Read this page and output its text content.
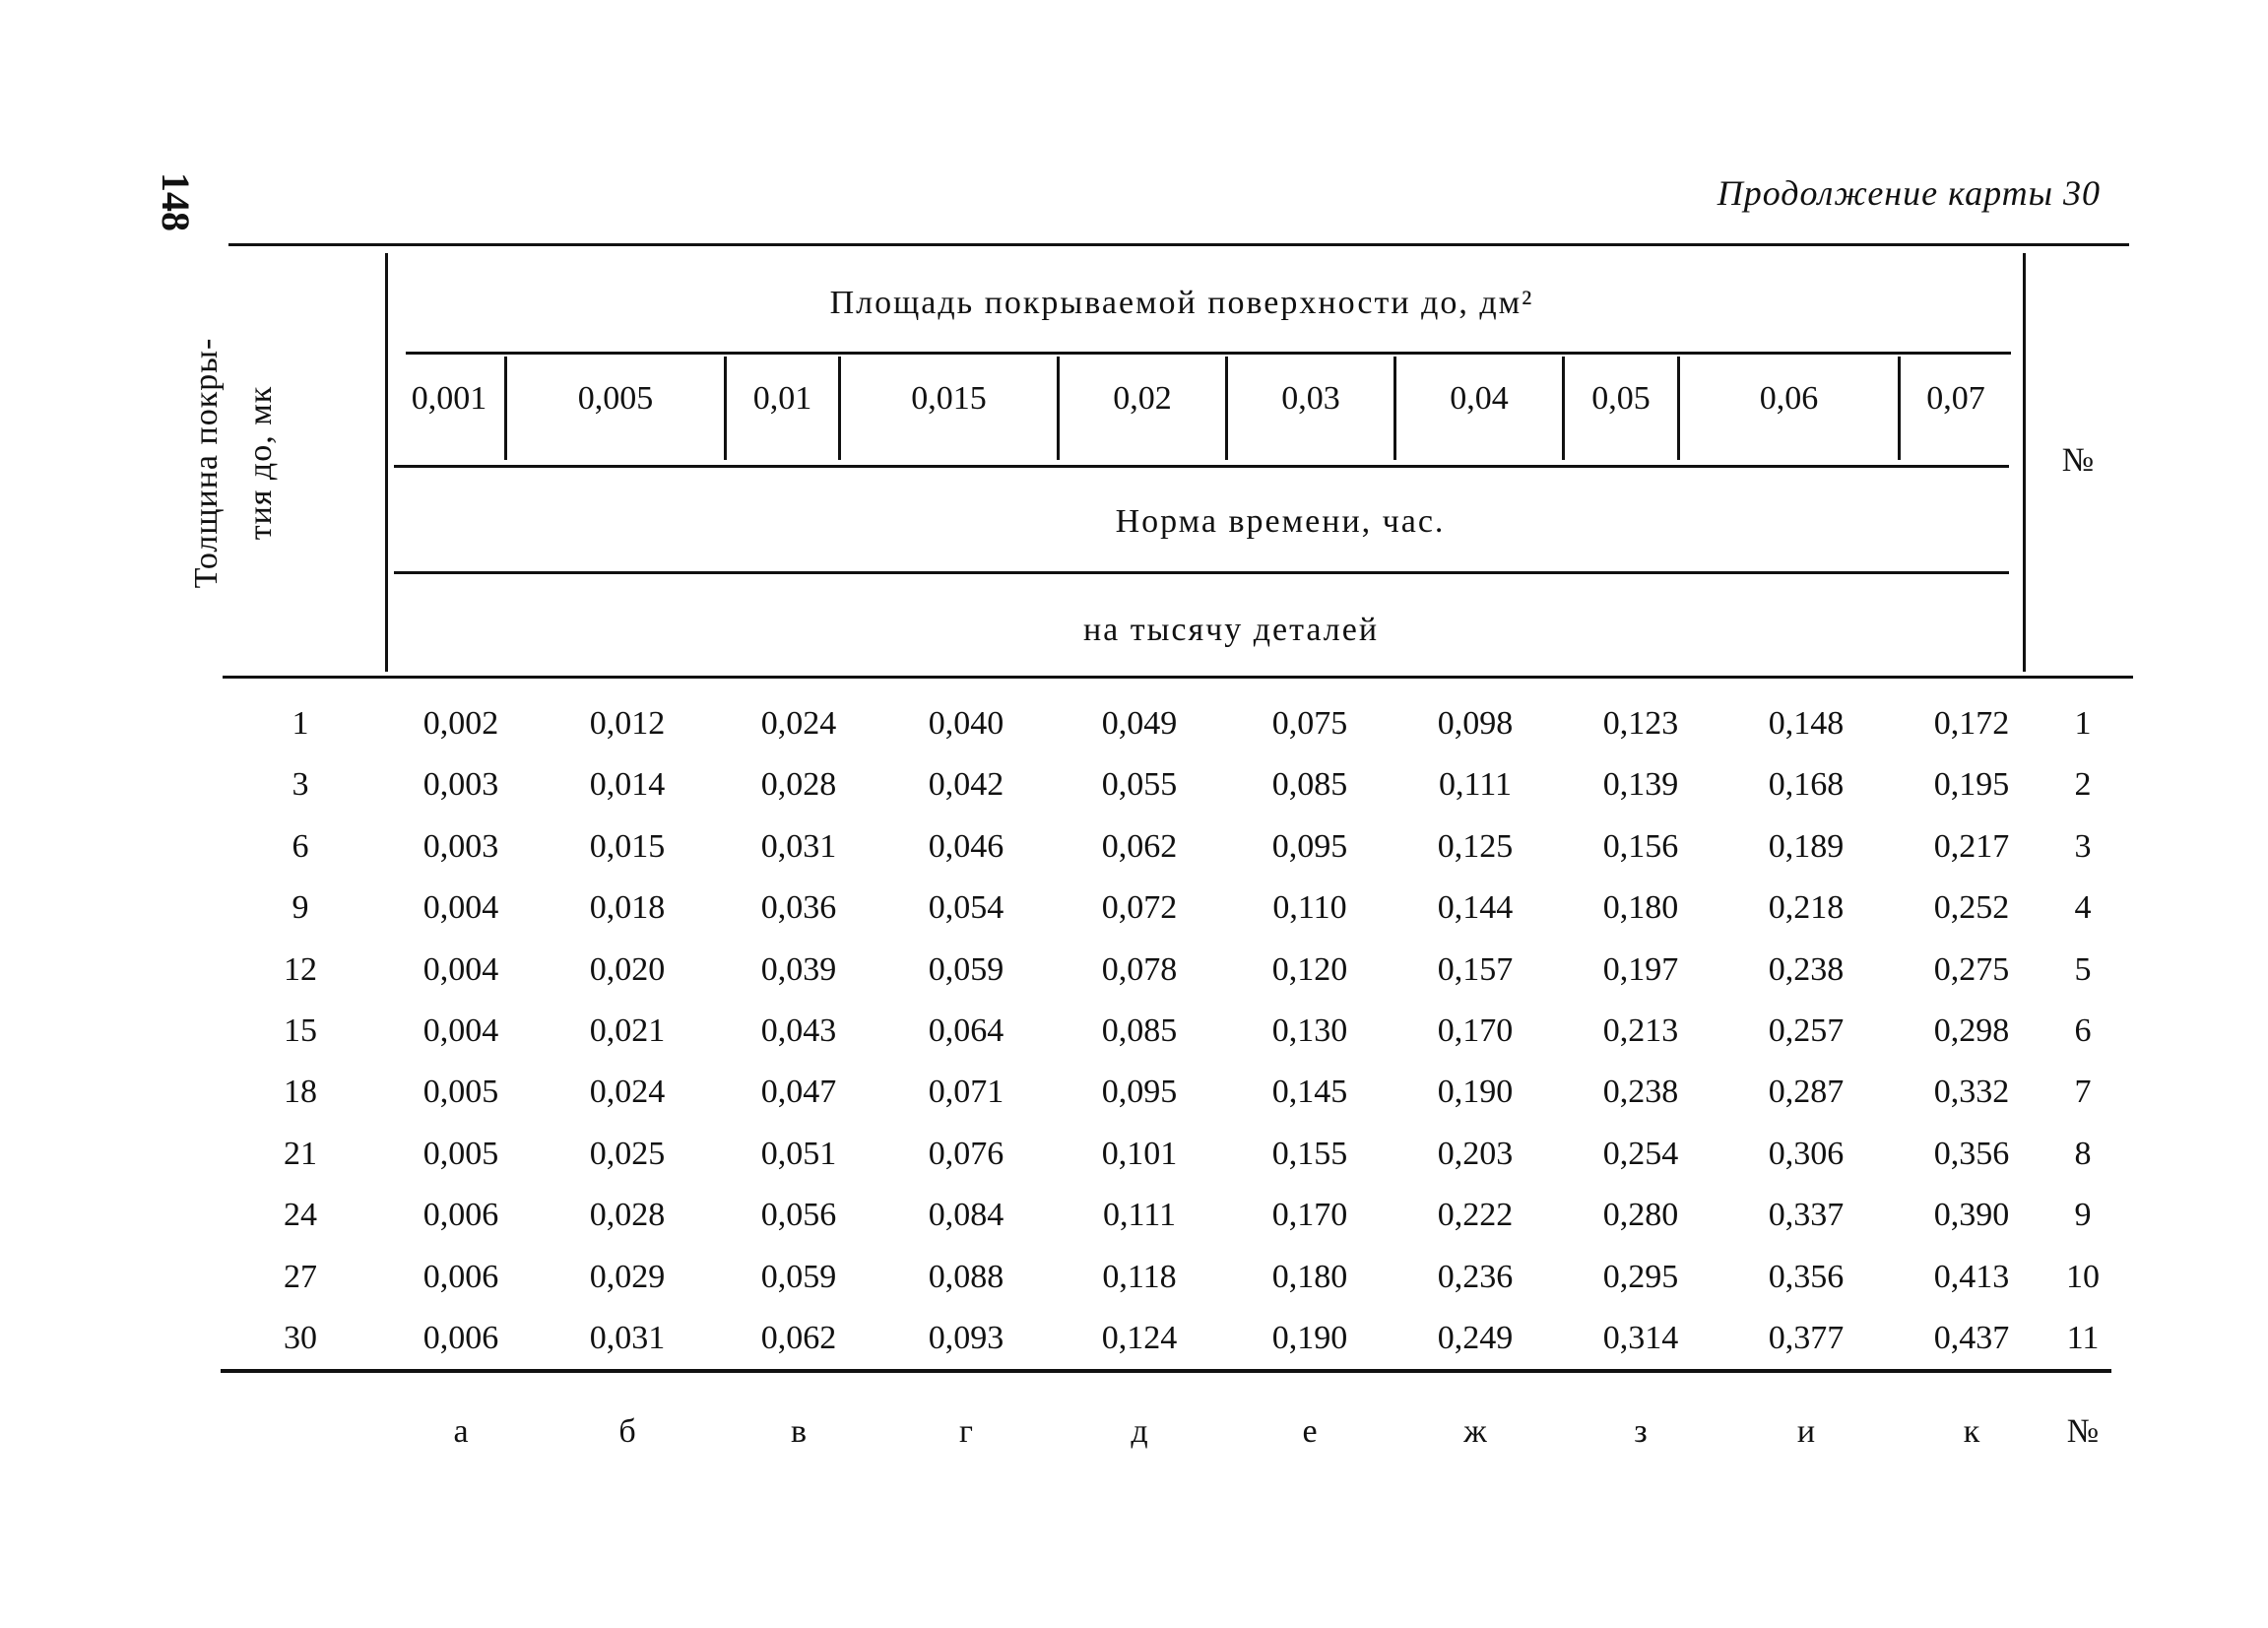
148	Продолжение карты 30
Толщина покры- тия до, мк
Площадь покрываемой поверхности до, дм²
0,001	0,005	0,01	0,015	0,02	0,03	0,04	0,05	0,06	0,07
Норма времени, час.
на тысячу деталей
№
1	0,002	0,012	0,024	0,040	0,049	0,075	0,098	0,123	0,148	0,172	1
3	0,003	0,014	0,028	0,042	0,055	0,085	0,111	0,139	0,168	0,195	2
6	0,003	0,015	0,031	0,046	0,062	0,095	0,125	0,156	0,189	0,217	3
9	0,004	0,018	0,036	0,054	0,072	0,110	0,144	0,180	0,218	0,252	4
12	0,004	0,020	0,039	0,059	0,078	0,120	0,157	0,197	0,238	0,275	5
15	0,004	0,021	0,043	0,064	0,085	0,130	0,170	0,213	0,257	0,298	6
18	0,005	0,024	0,047	0,071	0,095	0,145	0,190	0,238	0,287	0,332	7
21	0,005	0,025	0,051	0,076	0,101	0,155	0,203	0,254	0,306	0,356	8
24	0,006	0,028	0,056	0,084	0,111	0,170	0,222	0,280	0,337	0,390	9
27	0,006	0,029	0,059	0,088	0,118	0,180	0,236	0,295	0,356	0,413	10
30	0,006	0,031	0,062	0,093	0,124	0,190	0,249	0,314	0,377	0,437	11
а	б	в	г	д	е	ж	з	и	к	№
